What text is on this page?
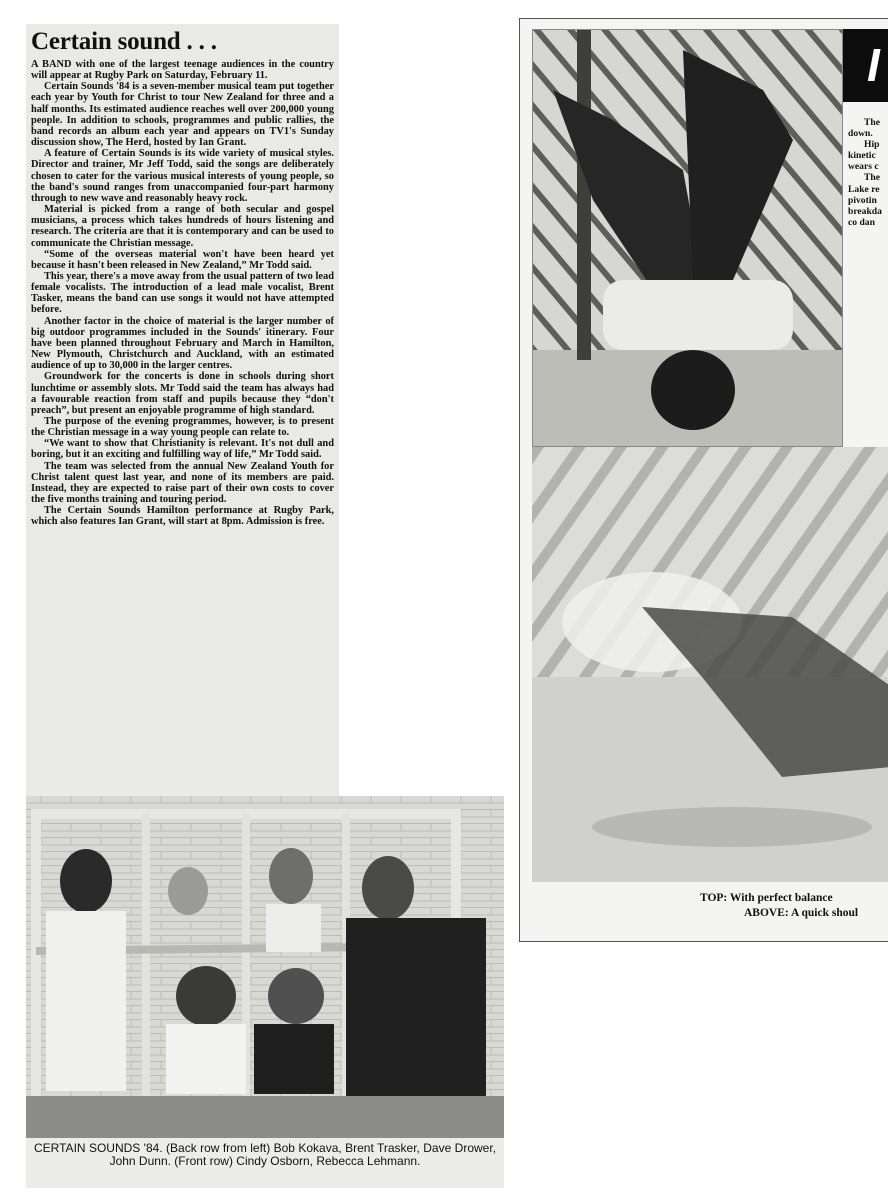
Certain sound . . .

A BAND with one of the largest teenage audiences in the country will appear at Rugby Park on Saturday, February 11.

Certain Sounds '84 is a seven-member musical team put together each year by Youth for Christ to tour New Zealand for three and a half months. Its estimated audience reaches well over 200,000 young people. In addition to schools, programmes and public rallies, the band records an album each year and appears on TV1's Sunday discussion show, The Herd, hosted by Ian Grant.

A feature of Certain Sounds is its wide variety of musical styles. Director and trainer, Mr Jeff Todd, said the songs are deliberately chosen to cater for the various musical interests of young people, so the band's sound ranges from unaccompanied four-part harmony through to new wave and reasonably heavy rock.

Material is picked from a range of both secular and gospel musicians, a process which takes hundreds of hours listening and research. The criteria are that it is contemporary and can be used to communicate the Christian message.

“Some of the overseas material won't have been heard yet because it hasn't been released in New Zealand,” Mr Todd said.

This year, there's a move away from the usual pattern of two lead female vocalists. The introduction of a lead male vocalist, Brent Tasker, means the band can use songs it would not have attempted before.

Another factor in the choice of material is the larger number of big outdoor programmes included in the Sounds' itinerary. Four have been planned throughout February and March in Hamilton, New Plymouth, Christchurch and Auckland, with an estimated audience of up to 30,000 in the larger centres.

Groundwork for the concerts is done in schools during short lunchtime or assembly slots. Mr Todd said the team has always had a favourable reaction from staff and pupils because they “don't preach”, but present an enjoyable programme of high standard.

The purpose of the evening programmes, however, is to present the Christian message in a way young people can relate to.

“We want to show that Christianity is relevant. It's not dull and boring, but it an exciting and fulfilling way of life,” Mr Todd said.

The team was selected from the annual New Zealand Youth for Christ talent quest last year, and none of its members are paid. Instead, they are expected to raise part of their own costs to cover the five months training and touring period.

The Certain Sounds Hamilton performance at Rugby Park, which also features Ian Grant, will start at 8pm. Admission is free.

CERTAIN SOUNDS '84. (Back row from left) Bob Kokava, Brent Trasker, Dave Drower, John Dunn. (Front row) Cindy Osborn, Rebecca Lehmann.
I
The
down.
Hip
kinetic
wears c
The
Lake re
pivotin
breakda
co dan
TOP: With perfect balance
ABOVE: A quick shoul
